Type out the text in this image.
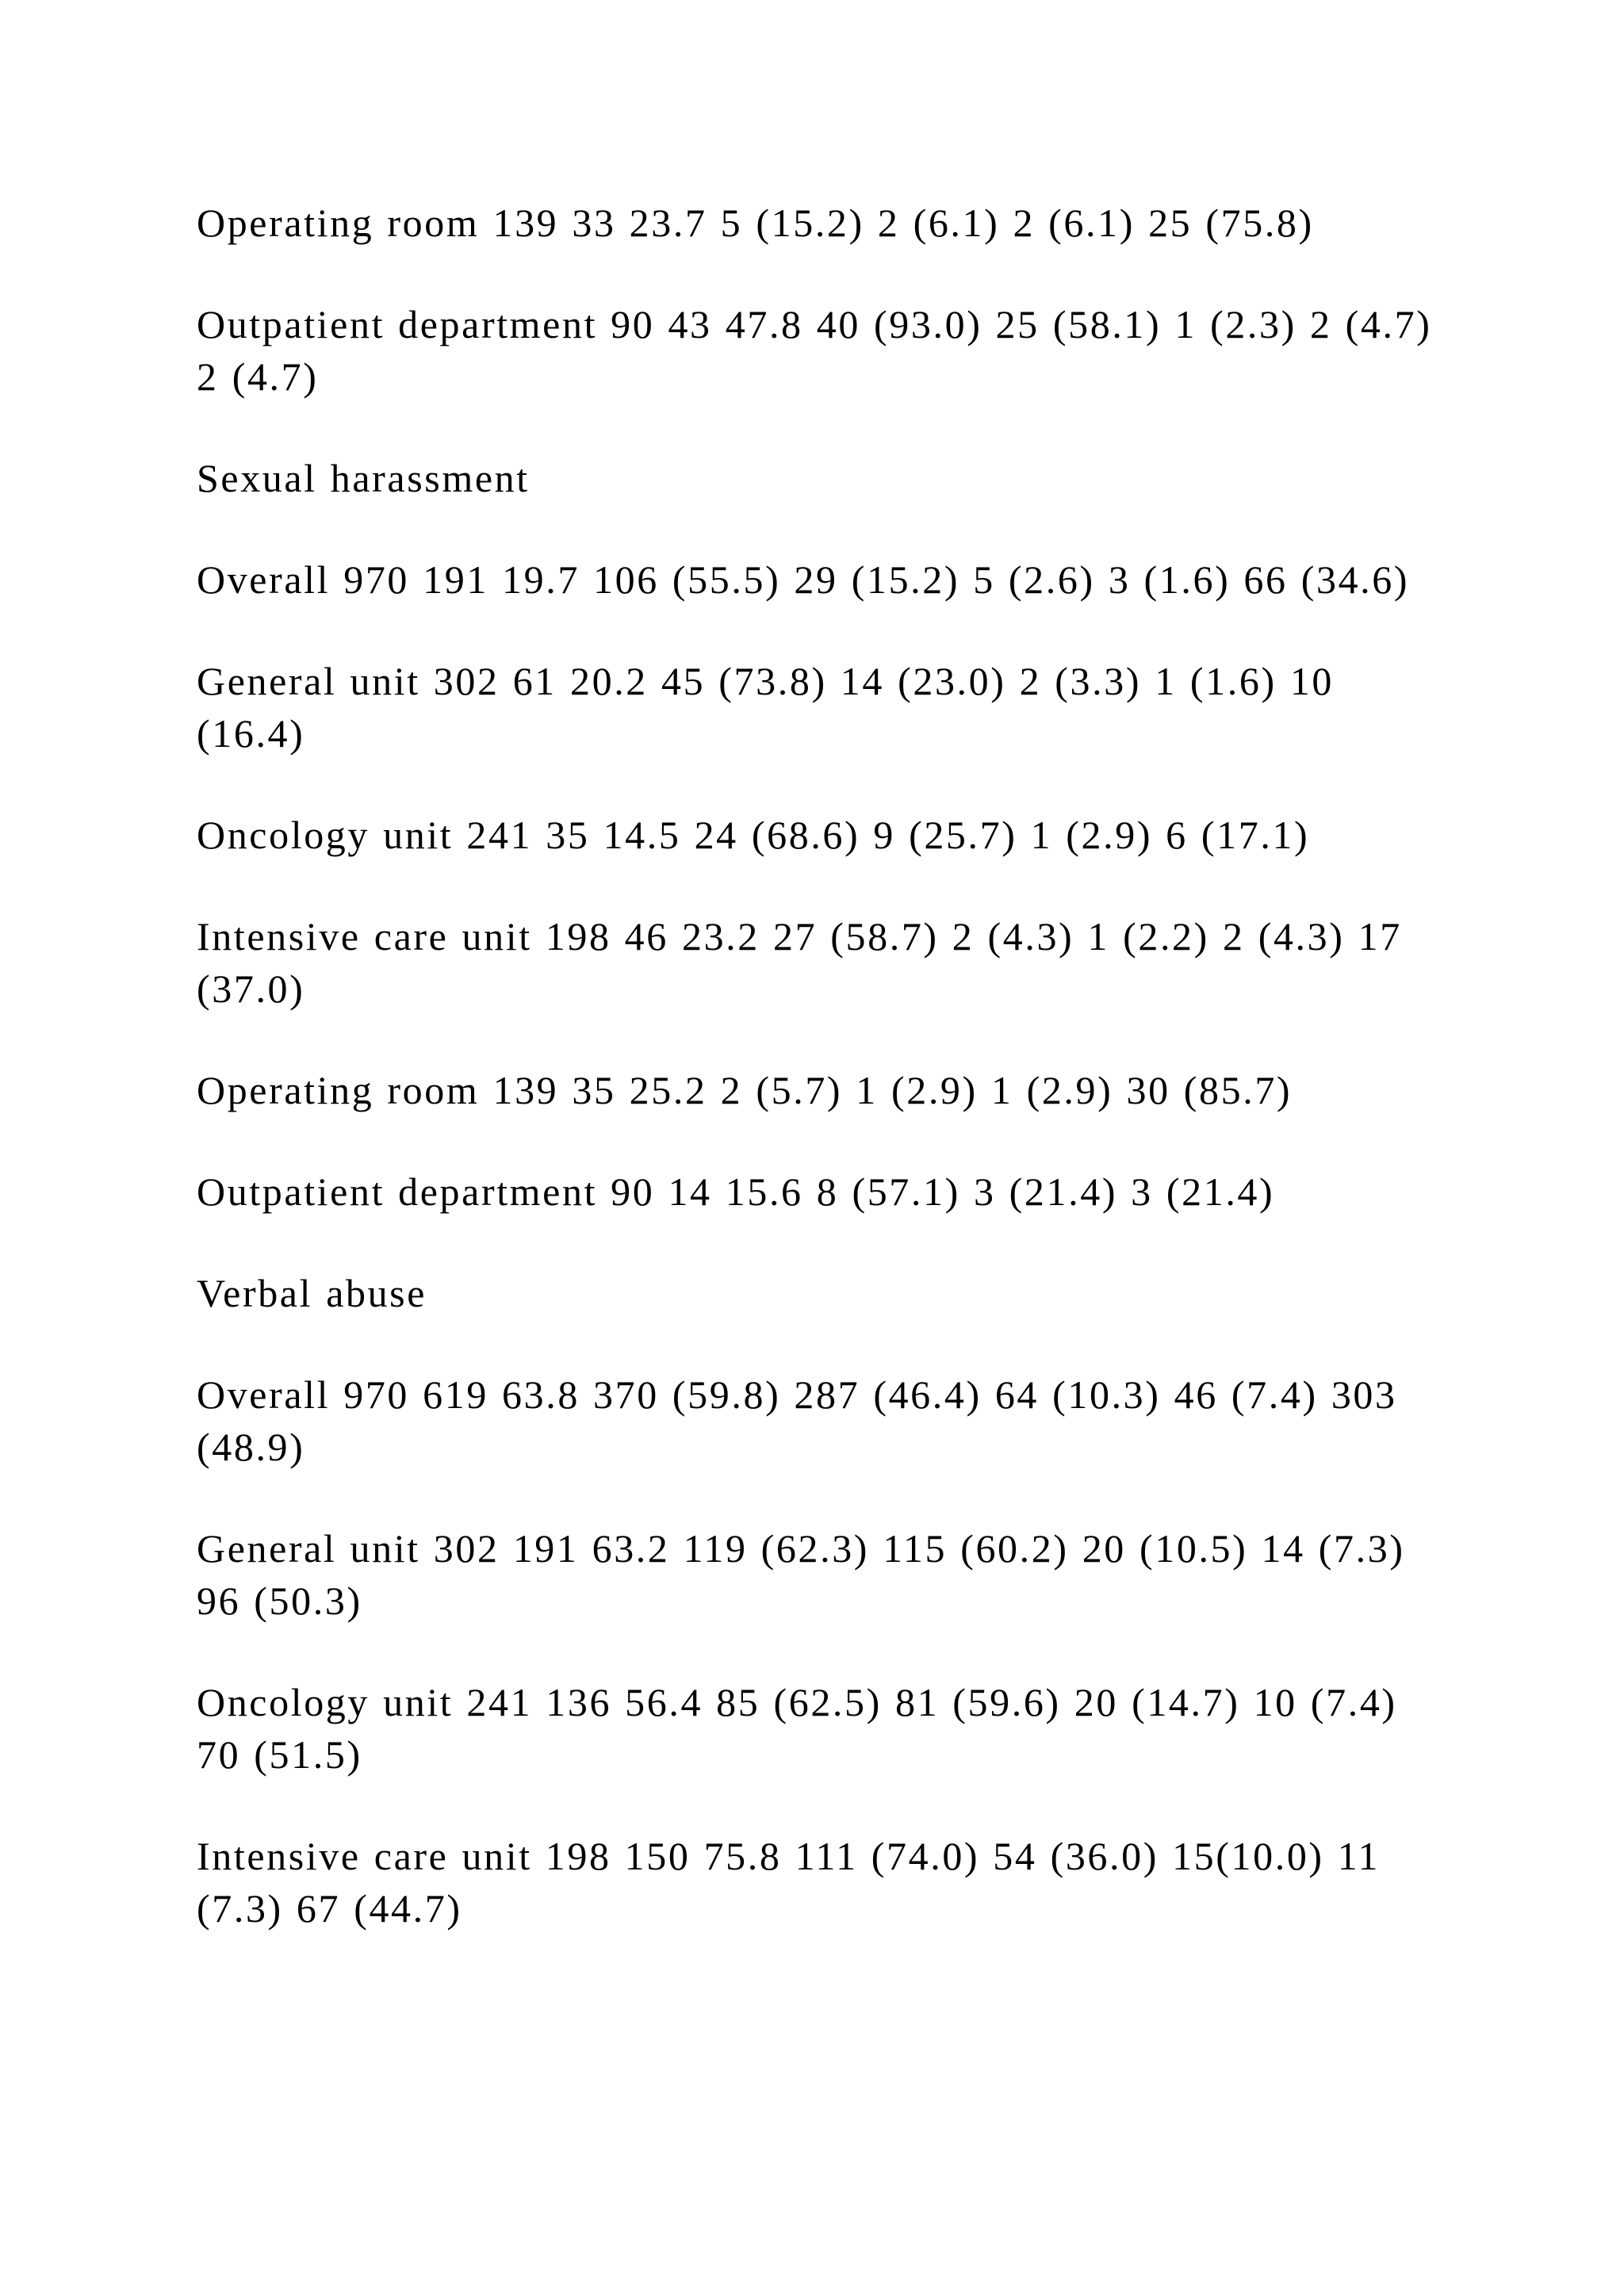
Operating room 139 33 23.7 5 (15.2) 2 (6.1) 2 (6.1) 25 (75.8)

Outpatient department 90 43 47.8 40 (93.0) 25 (58.1) 1 (2.3) 2 (4.7) 2 (4.7)

Sexual harassment

Overall 970 191 19.7 106 (55.5) 29 (15.2) 5 (2.6) 3 (1.6) 66 (34.6)

General unit 302 61 20.2 45 (73.8) 14 (23.0) 2 (3.3) 1 (1.6) 10 (16.4)

Oncology unit 241 35 14.5 24 (68.6) 9 (25.7) 1 (2.9) 6 (17.1)

Intensive care unit 198 46 23.2 27 (58.7) 2 (4.3) 1 (2.2) 2 (4.3) 17 (37.0)

Operating room 139 35 25.2 2 (5.7) 1 (2.9) 1 (2.9) 30 (85.7)

Outpatient department 90 14 15.6 8 (57.1) 3 (21.4) 3 (21.4)

Verbal abuse

Overall 970 619 63.8 370 (59.8) 287 (46.4) 64 (10.3) 46 (7.4) 303 (48.9)

General unit 302 191 63.2 119 (62.3) 115 (60.2) 20 (10.5) 14 (7.3) 96 (50.3)

Oncology unit 241 136 56.4 85 (62.5) 81 (59.6) 20 (14.7) 10 (7.4) 70 (51.5)

Intensive care unit 198 150 75.8 111 (74.0) 54 (36.0) 15(10.0) 11 (7.3) 67 (44.7)
